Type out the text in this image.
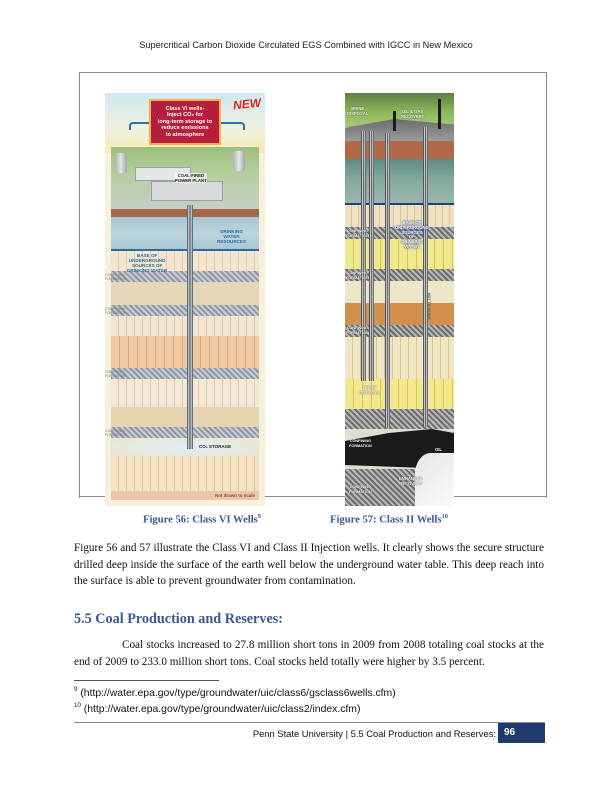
Supercritical Carbon Dioxide Circulated EGS Combined with IGCC in New Mexico
Class VI wells-
Inject CO₂ for
long-term storage to
reduce emissions
to atmosphere
NEW
COAL-FIRED
POWER PLANT
DRINKING
WATER
RESOURCES
BASE OF
UNDERGROUND
SOURCES OF
DRINKING WATER
CONFINING
FORMATION
CONFINING
FORMATION
CONFINING
FORMATION
CONFINING
FORMATION
CO₂ STORAGE
Not drawn to scale
BRINE
DISPOSAL	OIL & GAS
RECOVERY
BASE OF
UNDERGROUND
SOURCES
OF
DRINKING
WATER
CONFINING
FORMATION
CONFINING
FORMATION
CONFINING
FORMATION
BRINE
DISPOSAL
CONFINING
FORMATION
OIL
ENHANCED
RECOVERY
CONFINING
FORMATION
NOT TO SCALE
Figure 56: Class VI Wells$^9$	Figure 57: Class II Wells$^{10}$
Figure 56 and 57 illustrate the Class VI and Class II Injection wells. It clearly shows the secure structure drilled deep inside the surface of the earth well below the underground water table. This deep reach into the surface is able to prevent groundwater from contamination.
5.5 Coal Production and Reserves:
Coal stocks increased to 27.8 million short tons in 2009 from 2008 totaling coal stocks at the end of 2009 to 233.0 million short tons. Coal stocks held totally were higher by 3.5 percent.
$^9$ (http://water.epa.gov/type/groundwater/uic/class6/gsclass6wells.cfm)
$^{10}$ (http://water.epa.gov/type/groundwater/uic/class2/index.cfm)
Penn State University | 5.5 Coal Production and Reserves: 96
